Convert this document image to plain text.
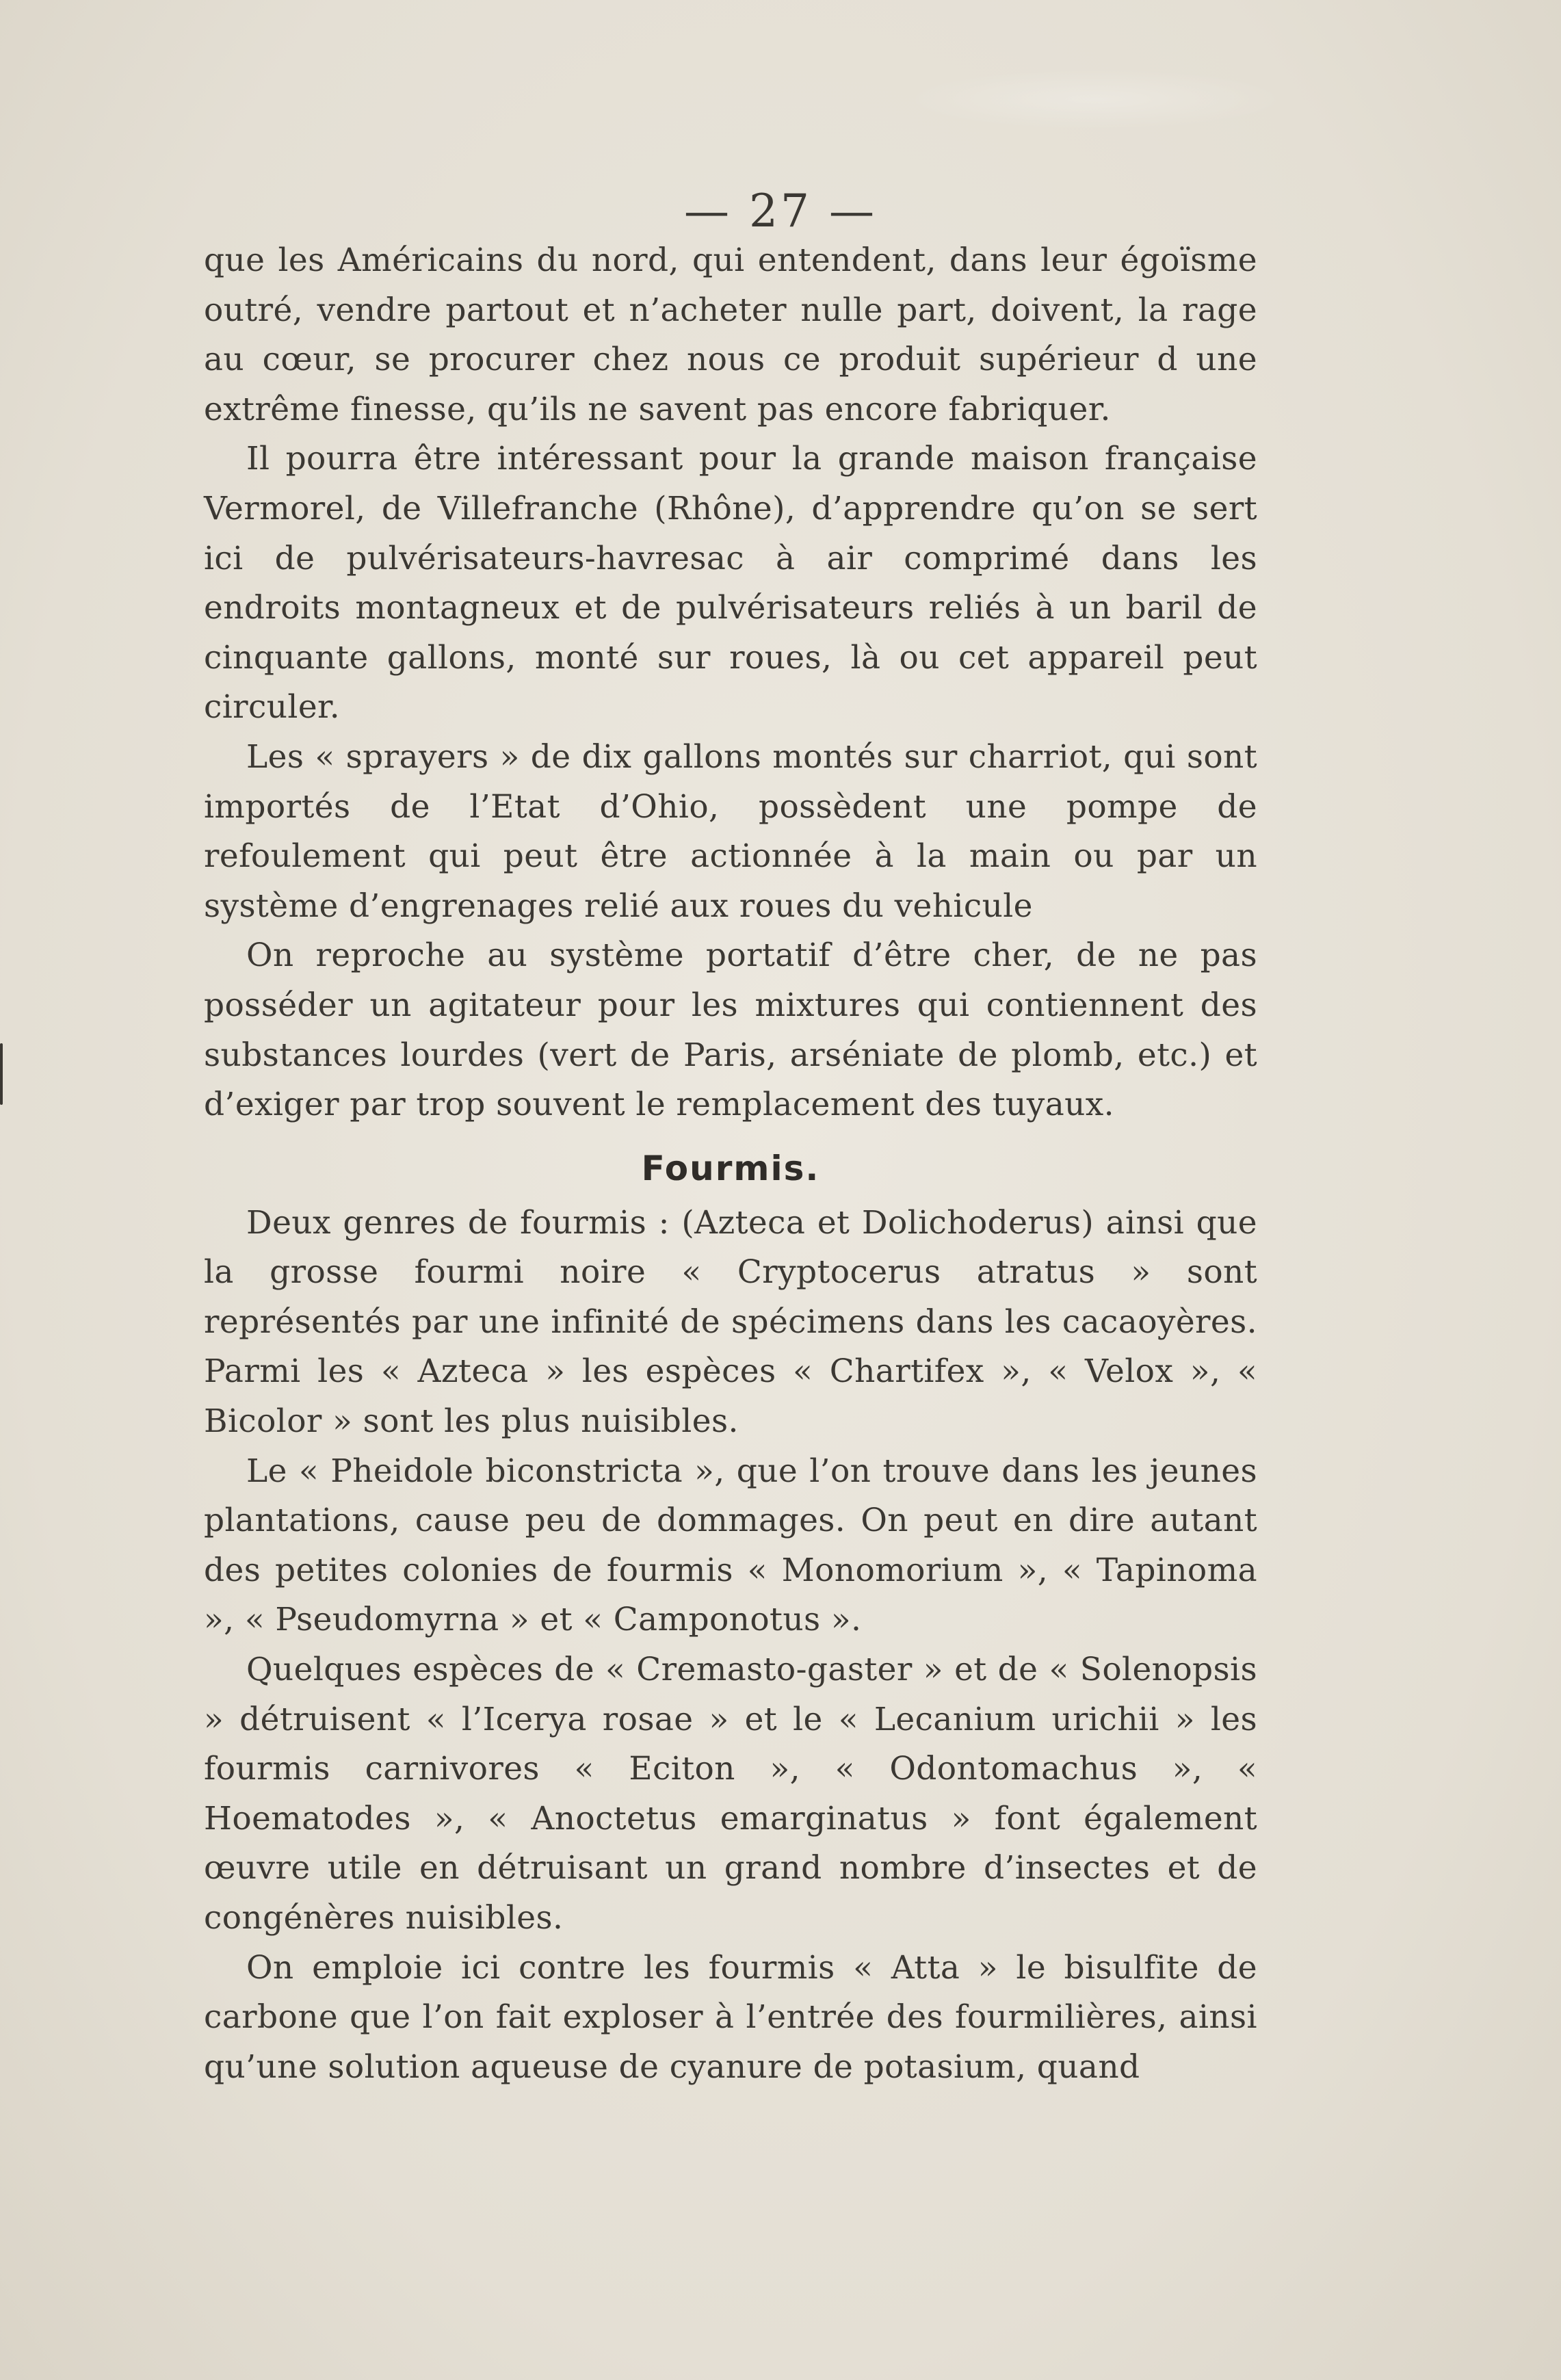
— 27 —

que les Américains du nord, qui entendent, dans leur égoïsme outré, vendre partout et n’acheter nulle part, doivent, la rage au cœur, se procurer chez nous ce produit supérieur d une extrême finesse, qu’ils ne savent pas encore fabriquer.

Il pourra être intéressant pour la grande maison française Vermorel, de Villefranche (Rhône), d’apprendre qu’on se sert ici de pulvérisateurs-havresac à air comprimé dans les endroits montagneux et de pulvérisateurs reliés à un baril de cinquante gallons, monté sur roues, là ou cet appareil peut circuler.

Les « sprayers » de dix gallons montés sur charriot, qui sont importés de l’Etat d’Ohio, possèdent une pompe de refoulement qui peut être actionnée à la main ou par un système d’engrenages relié aux roues du vehicule

On reproche au système portatif d’être cher, de ne pas posséder un agitateur pour les mixtures qui contiennent des substances lourdes (vert de Paris, arséniate de plomb, etc.) et d’exiger par trop souvent le remplacement des tuyaux.

Fourmis.

Deux genres de fourmis : (Azteca et Dolichoderus) ainsi que la grosse fourmi noire « Cryptocerus atratus » sont représentés par une infinité de spécimens dans les cacaoyères. Parmi les « Azteca » les espèces « Chartifex », « Velox », « Bicolor » sont les plus nuisibles.

Le « Pheidole biconstricta », que l’on trouve dans les jeunes plantations, cause peu de dommages. On peut en dire autant des petites colonies de fourmis « Monomorium », « Tapinoma », « Pseudomyrna » et « Camponotus ».

Quelques espèces de « Cremasto-gaster » et de « Solenopsis » détruisent « l’Icerya rosae » et le « Lecanium urichii » les fourmis carnivores « Eciton », « Odontomachus », « Hoematodes », « Anoctetus emarginatus » font également œuvre utile en détruisant un grand nombre d’insectes et de congénères nuisibles.

On emploie ici contre les fourmis « Atta » le bisulfite de carbone que l’on fait exploser à l’entrée des fourmilières, ainsi qu’une solution aqueuse de cyanure de potasium, quand
